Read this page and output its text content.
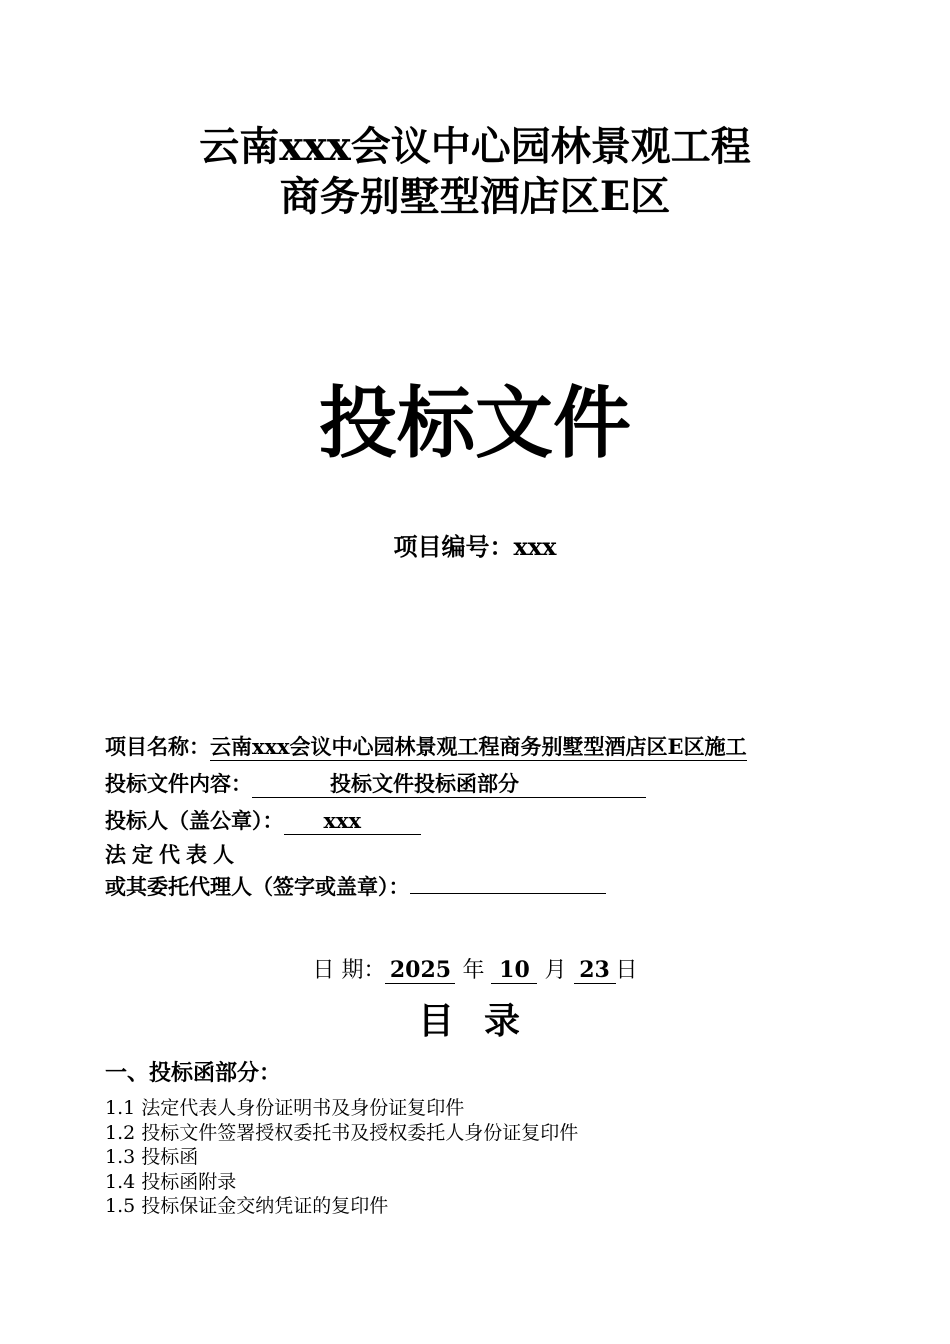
云南xxx会议中心园林景观工程
商务别墅型酒店区E区
投标文件
项目编号：xxx
项目名称：云南xxx会议中心园林景观工程商务别墅型酒店区E区施工
投标文件内容：	投标文件投标函部分
投标人（盖公章）： xxx
法定代表人
或其委托代理人（签字或盖章）：
日 期： 2025 年 10 月 23 日
目录
一、投标函部分：
1.1 法定代表人身份证明书及身份证复印件
1.2 投标文件签署授权委托书及授权委托人身份证复印件
1.3 投标函
1.4 投标函附录
1.5 投标保证金交纳凭证的复印件
